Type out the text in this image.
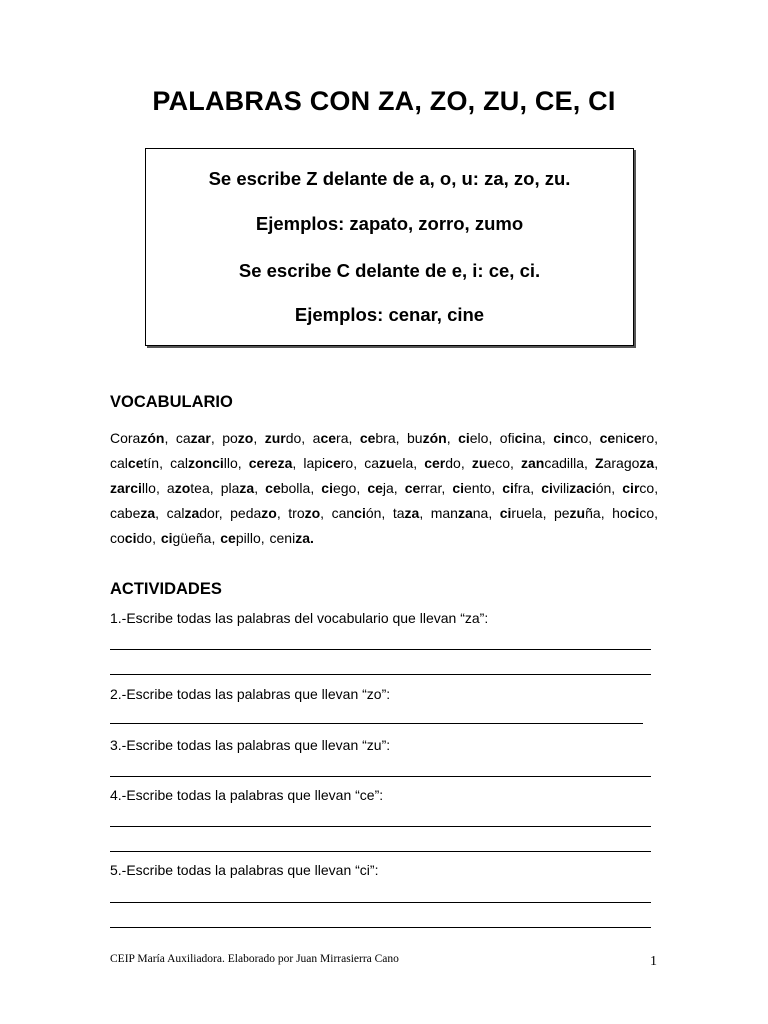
PALABRAS CON ZA, ZO, ZU, CE, CI
Se escribe Z delante de a, o, u: za, zo, zu.
Ejemplos: zapato, zorro, zumo
Se escribe C delante de e, i: ce, ci.
Ejemplos: cenar, cine
VOCABULARIO
Corazón, cazar, pozo, zurdo, acera, cebra, buzón, cielo, oficina, cinco, cenicero, calcetín, calzoncillo, cereza, lapicero, cazuela, cerdo, zueco, zancadilla, Zaragoza, zarcillo, azotea, plaza, cebolla, ciego, ceja, cerrar, ciento, cifra, civilización, circo, cabeza, calzador, pedazo, trozo, canción, taza, manzana, ciruela, pezuña, hocico, cocido, cigüeña, cepillo, ceniza.
ACTIVIDADES
1.-Escribe todas las palabras del vocabulario que llevan “za”:
2.-Escribe todas las palabras que llevan “zo”:
3.-Escribe todas las palabras que llevan “zu”:
4.-Escribe todas la palabras que llevan “ce”:
5.-Escribe todas la palabras que llevan “ci”:
CEIP María Auxiliadora. Elaborado por Juan Mirrasierra Cano	1
